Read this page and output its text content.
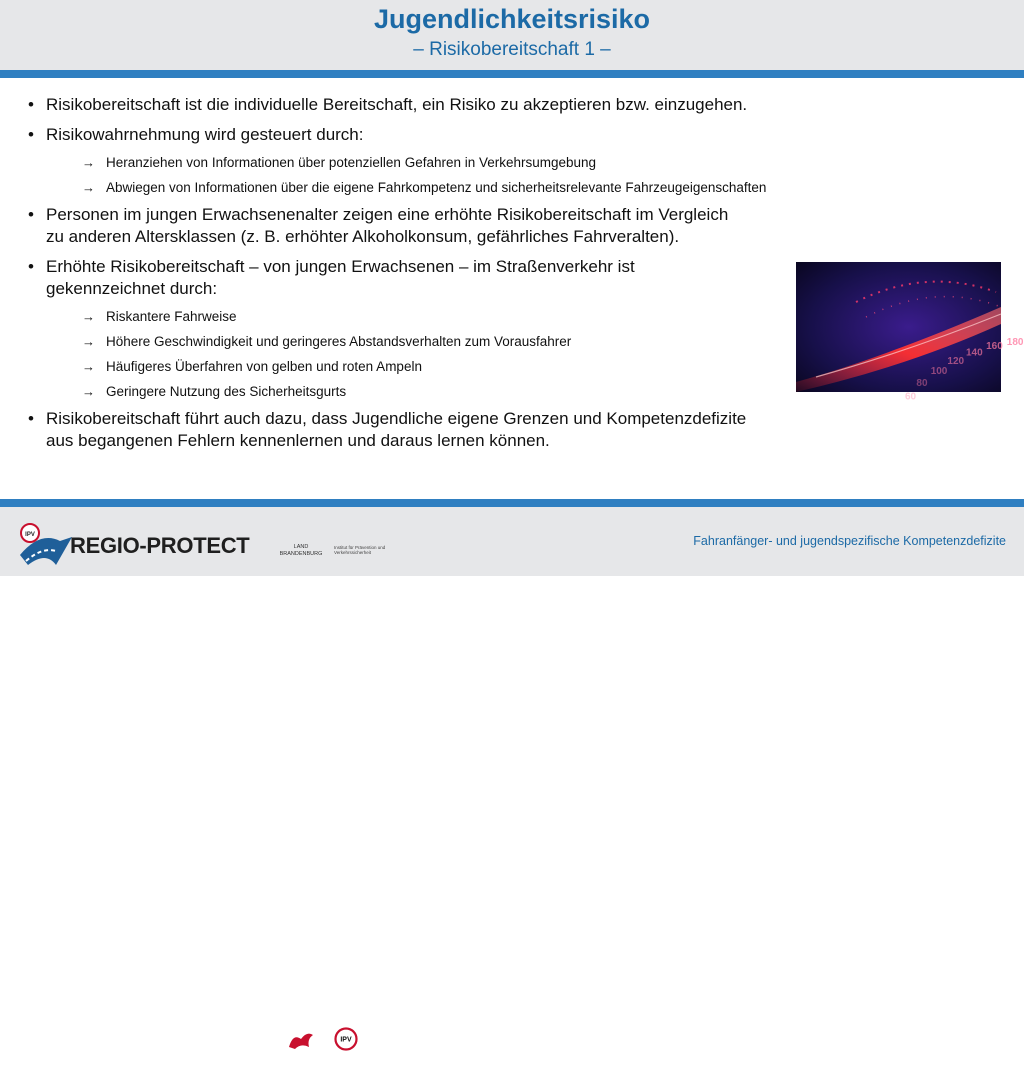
Jugendlichkeitsrisiko
– Risikobereitschaft 1 –
• Risikobereitschaft ist die individuelle Bereitschaft, ein Risiko zu akzeptieren bzw. einzugehen.
• Risikowahrnehmung wird gesteuert durch:
→ Heranziehen von Informationen über potenziellen Gefahren in Verkehrsumgebung
→ Abwiegen von Informationen über die eigene Fahrkompetenz und sicherheitsrelevante Fahrzeugeigenschaften
• Personen im jungen Erwachsenenalter zeigen eine erhöhte Risikobereitschaft im Vergleich
zu anderen Altersklassen (z. B. erhöhter Alkoholkonsum, gefährliches Fahrveralten).
• Erhöhte Risikobereitschaft – von jungen Erwachsenen – im Straßenverkehr ist
gekennzeichnet durch:
→ Riskantere Fahrweise
→ Höhere Geschwindigkeit und geringeres Abstandsverhalten zum Vorausfahrer
→ Häufigeres Überfahren von gelben und roten Ampeln
→ Geringere Nutzung des Sicherheitsgurts
• Risikobereitschaft führt auch dazu, dass Jugendliche eigene Grenzen und Kompetenzdefizite
aus begangenen Fehlern kennenlernen und daraus lernen können.
180
160
140
120
100
80
60
IPV
IPV
REGIO-PROTECT	LAND
BRANDENBURG
Institut für Prävention und Verkehrssicherheit
Fahranfänger- und jugendspezifische Kompetenzdefizite
